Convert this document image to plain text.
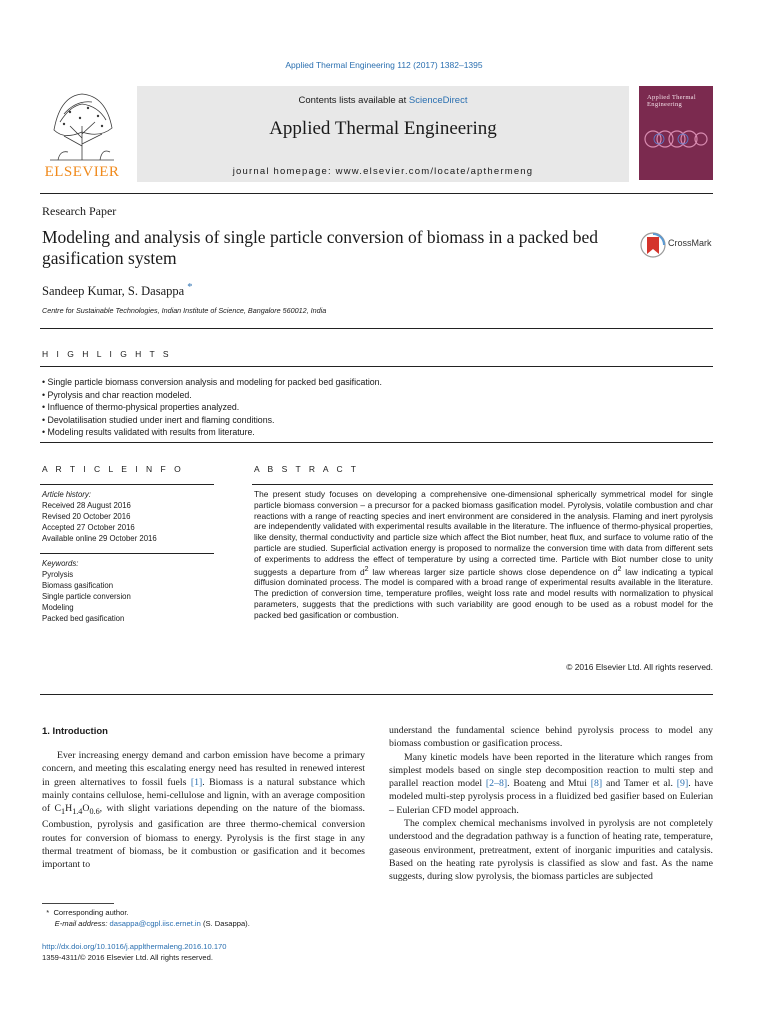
Applied Thermal Engineering 112 (2017) 1382–1395
ELSEVIER
Contents lists available at ScienceDirect
Applied Thermal Engineering
journal homepage: www.elsevier.com/locate/apthermeng
Applied Thermal Engineering
Research Paper
Modeling and analysis of single particle conversion of biomass in a packed bed gasification system
CrossMark
Sandeep Kumar, S. Dasappa *
Centre for Sustainable Technologies, Indian Institute of Science, Bangalore 560012, India
H I G H L I G H T S
• Single particle biomass conversion analysis and modeling for packed bed gasification.
• Pyrolysis and char reaction modeled.
• Influence of thermo-physical properties analyzed.
• Devolatilisation studied under inert and flaming conditions.
• Modeling results validated with results from literature.
A R T I C L E I N F O
Article history:
Received 28 August 2016
Revised 20 October 2016
Accepted 27 October 2016
Available online 29 October 2016
Keywords:
Pyrolysis
Biomass gasification
Single particle conversion
Modeling
Packed bed gasification
A B S T R A C T
The present study focuses on developing a comprehensive one-dimensional spherically symmetrical model for single particle biomass conversion – a precursor for a packed biomass gasification model. Pyrolysis, volatile combustion and char reactions with a range of reacting species and inert environment are considered in the analysis. Flaming and inert pyrolysis are independently validated with experimental results available in the literature. The influence of thermo-physical properties, like density, thermal conductivity and particle size which affect the Biot number, heat flux, and surface to volume ratio of the particle are studied. Superficial activation energy is proposed to normalize the conversion time with data from different sets of experiments to address the effect of temperature by using a corrected time. Particle with Biot number close to unity suggests a departure from $d^2$ law whereas larger size particle shows close dependence on $d^2$ law indicating a typical diffusion dominated process. The model is compared with a broad range of experimental results available in the literature. The prediction of conversion time, temperature profiles, weight loss rate and model results with normalization to physical parameters, suggests that the predictions with such variability are good enough to be used as a robust model for the packed bed gasification or combustion.
© 2016 Elsevier Ltd. All rights reserved.
1. Introduction

Ever increasing energy demand and carbon emission have become a primary concern, and meeting this escalating energy need has resulted in renewed interest in green alternatives to fossil fuels [1]. Biomass is a natural substance which mainly contains cellulose, hemi-cellulose and lignin, with an average composition of $C_1H_{1.4}O_{0.6}$, with slight variations depending on the nature of the biomass. Combustion, pyrolysis and gasification are three thermo-chemical conversion routes for conversion of biomass to energy. Pyrolysis is the first stage in any thermal treatment of biomass, be it combustion or gasification and it becomes important to

understand the fundamental science behind pyrolysis process to model any biomass combustion or gasification process.

Many kinetic models have been reported in the literature which ranges from simplest models based on single step decomposition reaction to multi step and parallel reaction model [2–8]. Boateng and Mtui [8] and Tamer et al. [9]. have modeled multi-step pyrolysis process in a fluidized bed gasifier based on Eulerian – Eulerian CFD model approach.

The complex chemical mechanisms involved in pyrolysis are not completely understood and the degradation pathway is a function of heating rate, temperature, gaseous environment, pretreatment, extent of inorganic impurities and catalysis. Based on the heating rate pyrolysis is classified as slow and fast. As the name suggests, during slow pyrolysis, the biomass particles are subjected

* Corresponding author.
E-mail address: dasappa@cgpl.iisc.ernet.in (S. Dasappa).
http://dx.doi.org/10.1016/j.applthermaleng.2016.10.170
1359-4311/© 2016 Elsevier Ltd. All rights reserved.
